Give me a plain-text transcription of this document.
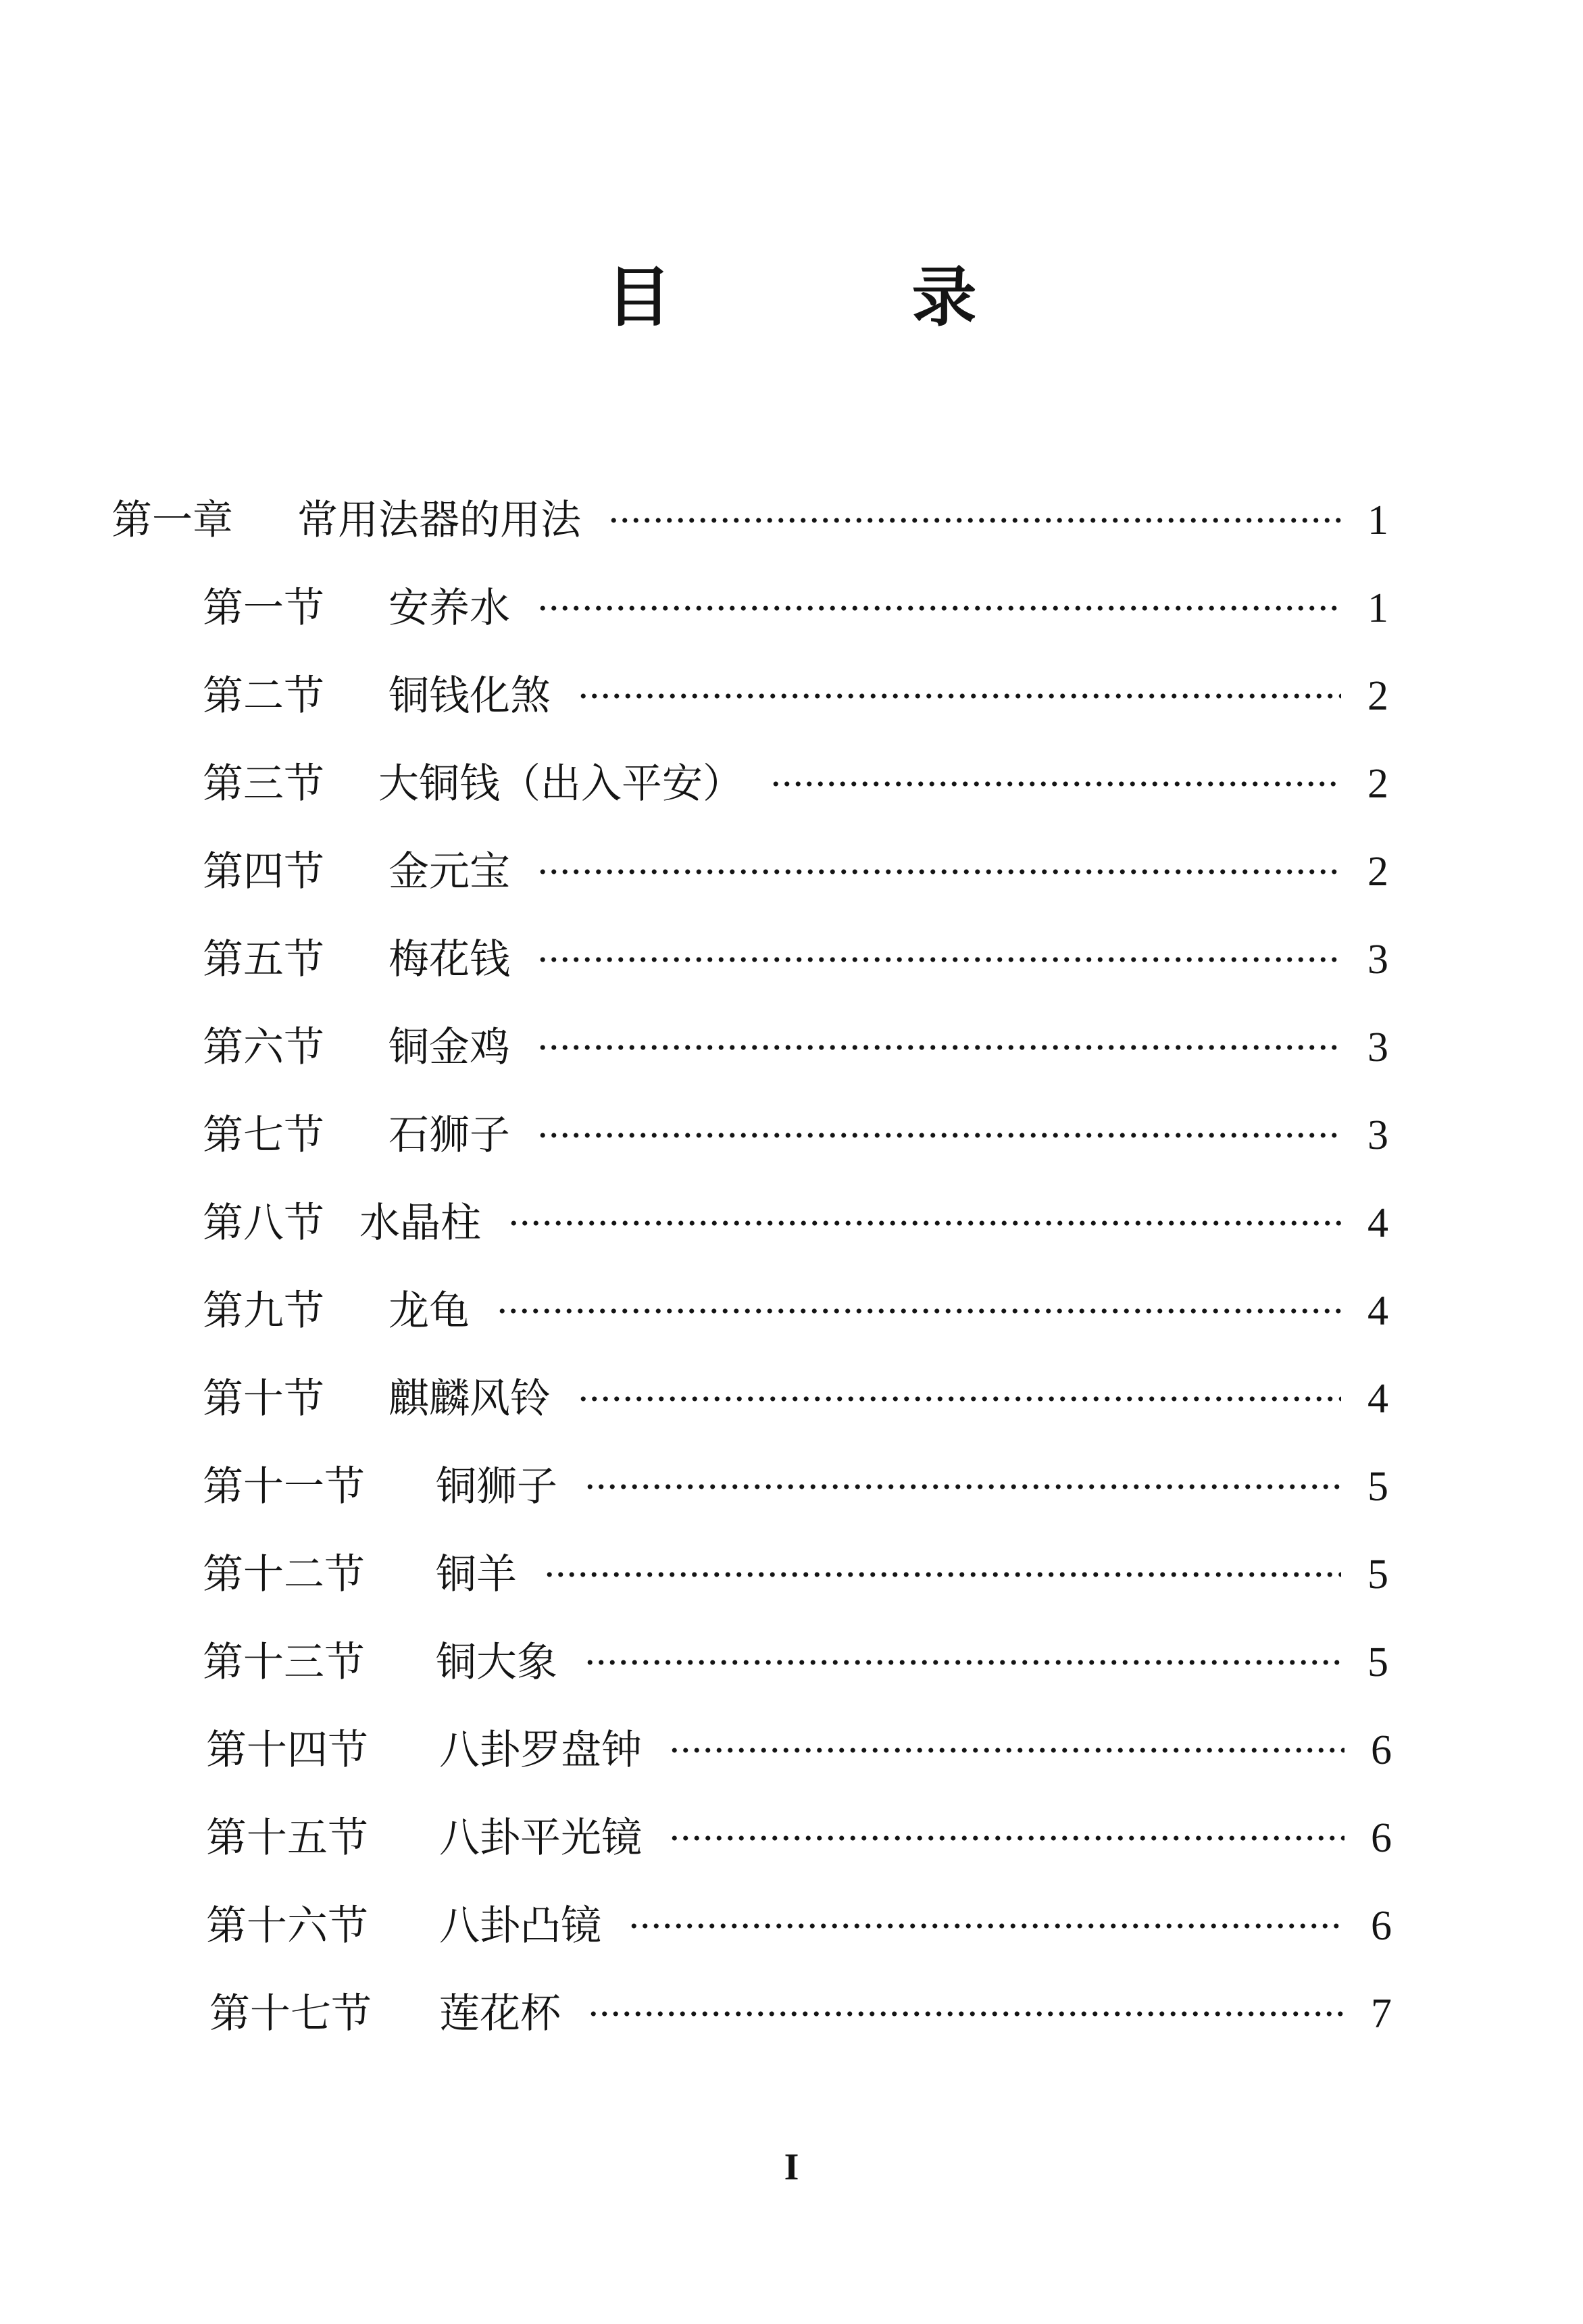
目　录
第一章 常用法器的用法	1
第一节 安养水	1
第二节 铜钱化煞	2
第三节 大铜钱（出入平安）	2
第四节 金元宝	2
第五节 梅花钱	3
第六节 铜金鸡	3
第七节 石狮子	3
第八节 水晶柱	4
第九节 龙龟	4
第十节 麒麟风铃	4
第十一节 铜狮子	5
第十二节 铜羊	5
第十三节 铜大象	5
第十四节 八卦罗盘钟	6
第十五节 八卦平光镜	6
第十六节 八卦凸镜	6
第十七节 莲花杯	7
I
